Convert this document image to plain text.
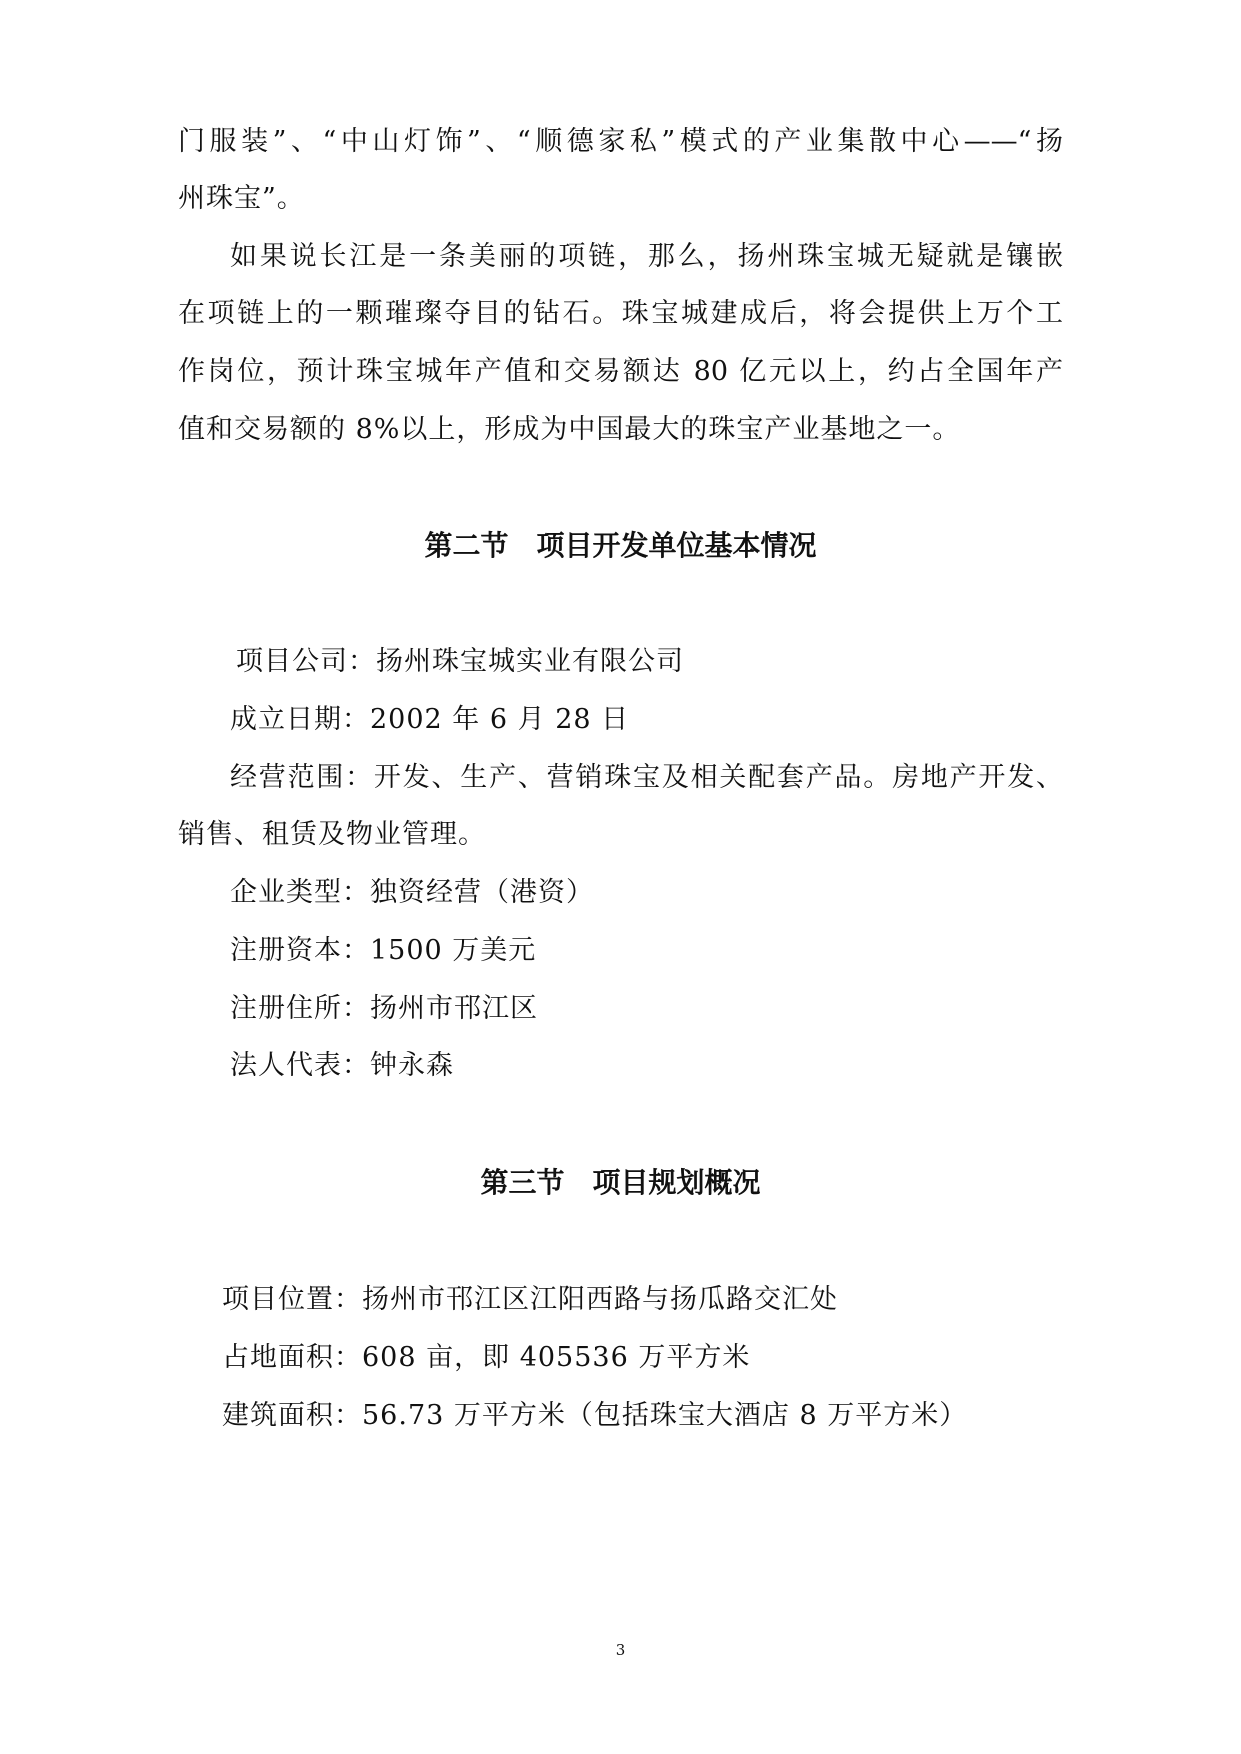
门服装”、“中山灯饰”、“顺德家私”模式的产业集散中心——“扬
州珠宝”。
如果说长江是一条美丽的项链，那么，扬州珠宝城无疑就是镶嵌
在项链上的一颗璀璨夺目的钻石。珠宝城建成后，将会提供上万个工
作岗位，预计珠宝城年产值和交易额达 80 亿元以上，约占全国年产
值和交易额的 8%以上，形成为中国最大的珠宝产业基地之一。
第二节　项目开发单位基本情况
项目公司：扬州珠宝城实业有限公司
成立日期：2002 年 6 月 28 日
经营范围：开发、生产、营销珠宝及相关配套产品。房地产开发、
销售、租赁及物业管理。
企业类型：独资经营（港资）
注册资本：1500 万美元
注册住所：扬州市邗江区
法人代表：钟永森
第三节　项目规划概况
项目位置：扬州市邗江区江阳西路与扬瓜路交汇处
占地面积：608 亩，即 405536 万平方米
建筑面积：56.73 万平方米（包括珠宝大酒店 8 万平方米）
3
